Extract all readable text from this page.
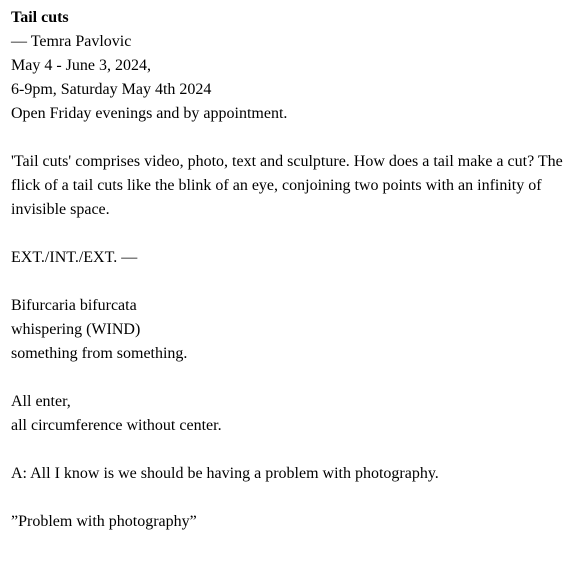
Tail cuts
— Temra Pavlovic
May 4 - June 3, 2024,
6-9pm, Saturday May 4th 2024
Open Friday evenings and by appointment.

'Tail cuts' comprises video, photo, text and sculpture. How does a tail make a cut? The flick of a tail cuts like the blink of an eye, conjoining two points with an infinity of invisible space.

EXT./INT./EXT. —

Bifurcaria bifurcata
whispering (WIND)
something from something.
All enter,
all circumference without center.

A: All I know is we should be having a problem with photography.

”Problem with photography”
